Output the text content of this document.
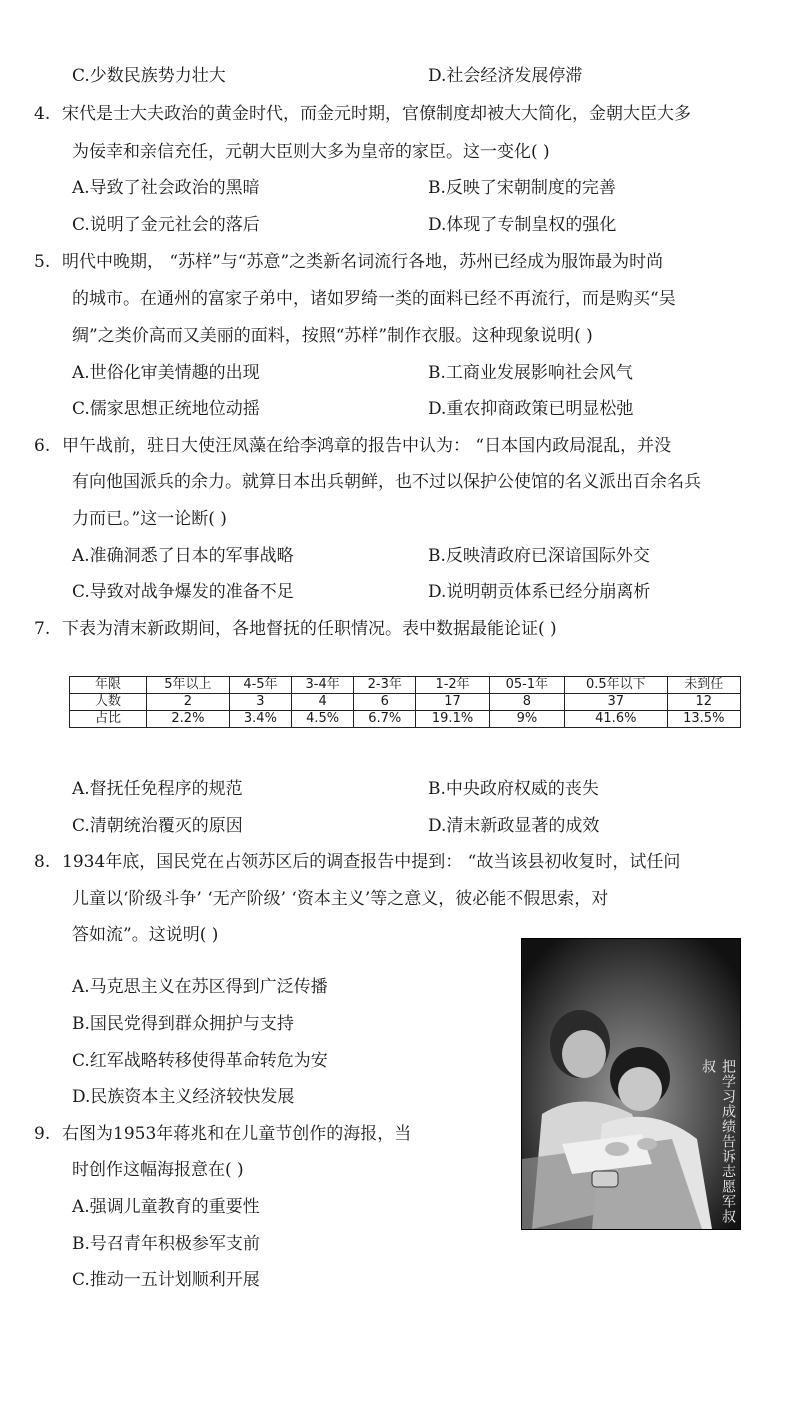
C.少数民族势力壮大	D.社会经济发展停滞
4. 宋代是士大夫政治的黄金时代，而金元时期，官僚制度却被大大简化，金朝大臣大多
为佞幸和亲信充任，元朝大臣则大多为皇帝的家臣。这一变化( )
A.导致了社会政治的黑暗	B.反映了宋朝制度的完善
C.说明了金元社会的落后	D.体现了专制皇权的强化
5. 明代中晚期， “苏样”与“苏意”之类新名词流行各地，苏州已经成为服饰最为时尚
的城市。在通州的富家子弟中，诸如罗绮一类的面料已经不再流行，而是购买“吴
绸”之类价高而又美丽的面料，按照“苏样”制作衣服。这种现象说明( )
A.世俗化审美情趣的出现	B.工商业发展影响社会风气
C.儒家思想正统地位动摇	D.重农抑商政策已明显松弛
6. 甲午战前，驻日大使汪凤藻在给李鸿章的报告中认为： “日本国内政局混乱，并没
有向他国派兵的余力。就算日本出兵朝鲜，也不过以保护公使馆的名义派出百余名兵
力而已。”这一论断( )
A.准确洞悉了日本的军事战略	B.反映清政府已深谙国际外交
C.导致对战争爆发的准备不足	D.说明朝贡体系已经分崩离析
7. 下表为清末新政期间，各地督抚的任职情况。表中数据最能论证( )
年限	5年以上	4-5年	3-4年	2-3年	1-2年	05-1年	0.5年以下	未到任
人数	2	3	4	6	17	8	37	12
占比	2.2%	3.4%	4.5%	6.7%	19.1%	9%	41.6%	13.5%
A.督抚任免程序的规范	B.中央政府权威的丧失
C.清朝统治覆灭的原因	D.清末新政显著的成效
8. 1934年底，国民党在占领苏区后的调查报告中提到： “故当该县初收复时，试任问
儿童以‘阶级斗争’ ‘无产阶级’ ‘资本主义’等之意义，彼必能不假思索，对
答如流”。这说明( )
A.马克思主义在苏区得到广泛传播
B.国民党得到群众拥护与支持
C.红军战略转移使得革命转危为安
D.民族资本主义经济较快发展	把学习成绩告诉志愿军叔叔
9. 右图为1953年蒋兆和在儿童节创作的海报，当
时创作这幅海报意在( )
A.强调儿童教育的重要性
B.号召青年积极参军支前
C.推动一五计划顺利开展
